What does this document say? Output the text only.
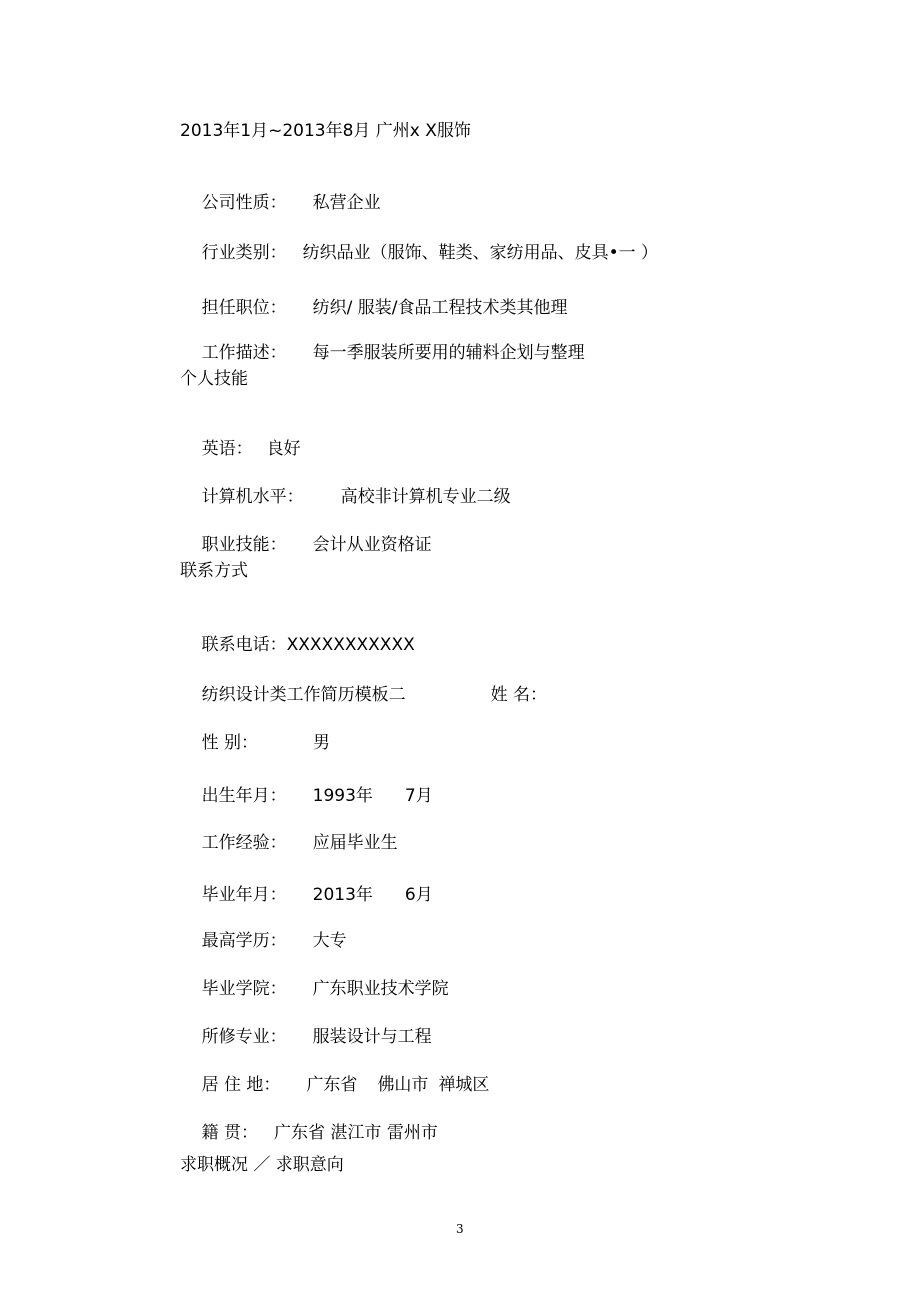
2013年1月~2013年8月 广州x X服饰

公司性质： 私营企业

行业类别： 纺织品业（服饰、鞋类、家纺用品、皮具•一 ）

担任职位： 纺织/ 服装/食品工程技术类其他理

工作描述： 每一季服装所要用的辅料企划与整理

个人技能

英语： 良好

计算机水平： 高校非计算机专业二级

职业技能： 会计从业资格证

联系方式

联系电话：XXXXXXXXXXX

纺织设计类工作简历模板二	姓 名：

性 别：	男

出生年月： 1993年 7月

工作经验： 应届毕业生

毕业年月： 2013年 6月

最高学历： 大专

毕业学院： 广东职业技术学院

所修专业： 服装设计与工程

居 住 地： 广东省 佛山市 禅城区

籍 贯： 广东省 湛江市 雷州市

求职概况 ／ 求职意向
3
